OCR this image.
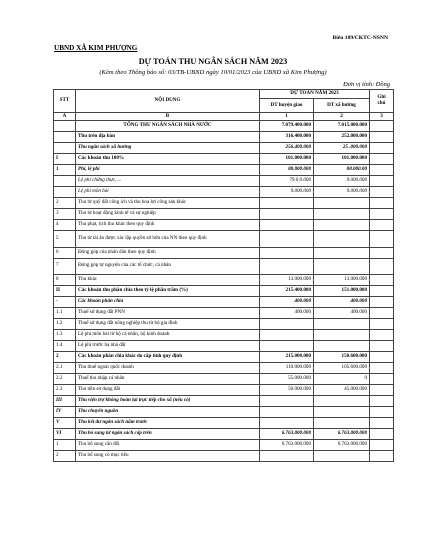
Biểu 109/CKTC-NSNN
UBND XÃ KIM PHƯỢNG
DỰ TOÁN THU NGÂN SÁCH NĂM 2023
(Kèm theo Thông báo số: 03/TB-UBND ngày 10/01/2023 của UBND xã Kim Phượng)
Đơn vị tính: Đồng
STT	NỘI DUNG	DỰ TOÁN NĂM 2023		Ghi
chú
		DT huyện giao	DT xã hường	
A	B	1	2	3
	TỔNG THU NGÂN SÁCH NHÀ NƯỚC	7.079.400.000	7.015.000.000	
	Thu trên địa bàn	316.400.000	252.000.000	
	Thu ngân sách xã hưởng	256.400.000	25 .000.000	
I	Các khoản thu 100%	101.000.000	101.000.000	
1	Phí, lệ phí	88.000.000	88.000.00	
	Lệ phí chứng thực,....	79.0 0.000	9.000.000	
	Lệ phí môn bài	9.000.000	9.000.000	
2	Thu từ quỹ đất công ích và thu hoa lợi công sản khác			
3	Thu từ hoạt động kinh tế và sự nghiệp			
4	Thu phạt, tịch thu khác theo quy định			
5	Thu từ tài ản được xác lập quyền sở hữu của NN theo quy định			
6	Đóng góp của nhân dân theo quy định			
7	Đóng góp tự nguyện của các tổ chức, cá nhân			
8	Thu khác	13.000.000	13.000.000	
II	Các khoản thu phân chia theo tỷ lệ phần trăm (%)	215.400.000	151.000.000	
-	Các khoản phân chia	400.000	400.000	
1.1	Thuế sử dụng đất PNN	400.000	400.000	
1.2	Thuế sử dụng đất nông nghiệp thu từ hộ gia đình			
1.3	Lệ phí môn bài từ hộ cá nhân, hộ kinh doanh			
1.4	Lệ phí trước bạ nhà đất			
2	Các khoản phân chia khác do cấp tỉnh quy định	215.000.000	150.600.000	
2.1	Thu thuế ngoài quốc doanh	110.000.000	105.600.000	
2.2	Thuế thu nhập cá nhân	55.000.000	0	
2.3	Thu tiền sử dụng đất	50.000.000	45.000.000	
III	Thu viện trợ không hoàn lại trực tiếp cho xã (nếu có)			
IV	Thu chuyển nguồn			
V	Thu kết dư ngân sách năm trước			
VI	Thu bổ sung từ ngân sách cấp trên	6.763.000.000	6.763.000.000	
1	Thu bổ sung cân đối	6.763.000.000	6.763.000.000	
2	Thu bổ sung có mục tiêu			
